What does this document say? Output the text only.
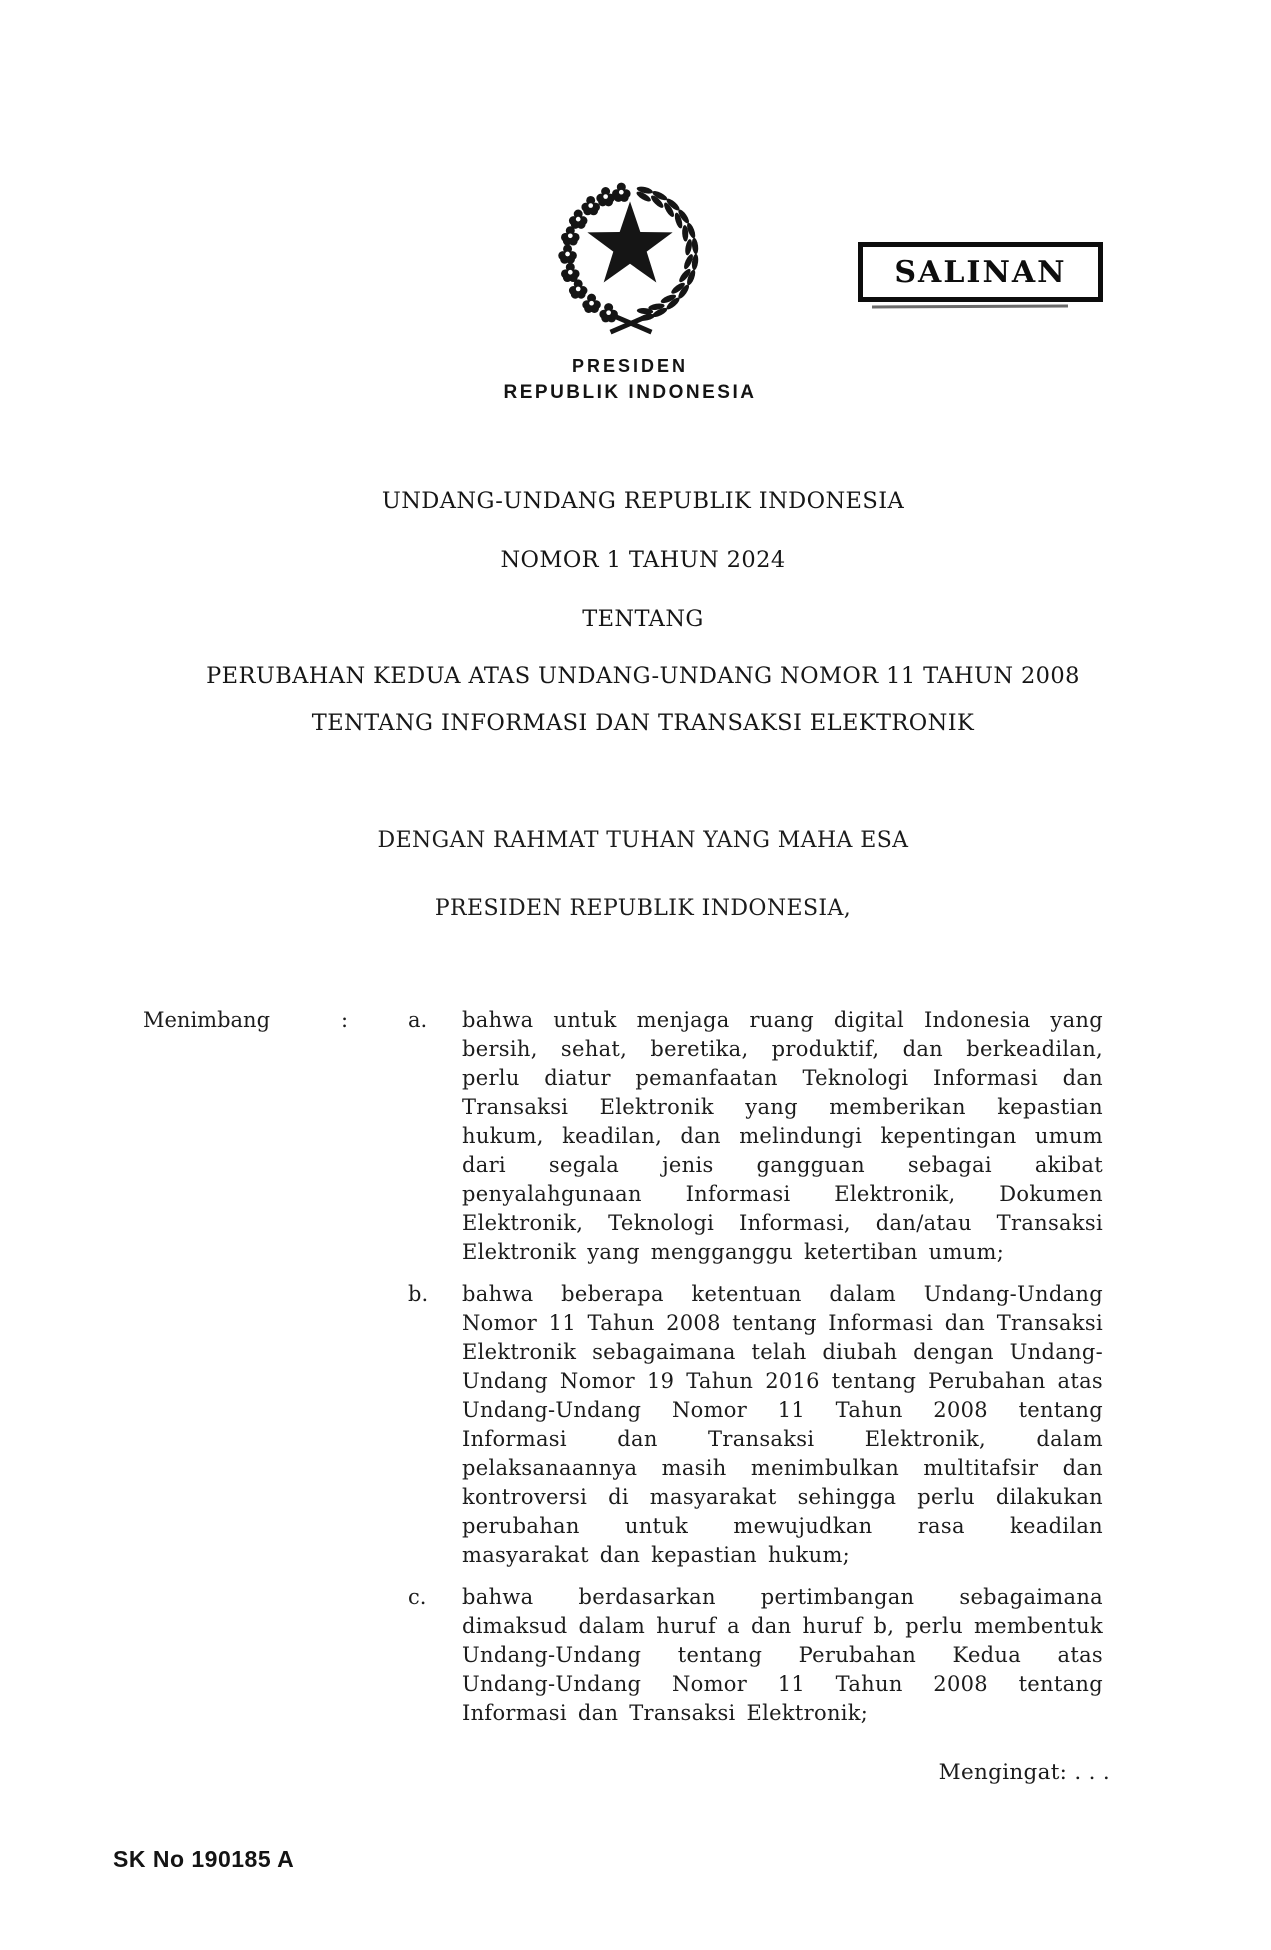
PRESIDEN
REPUBLIK INDONESIA
SALINAN
UNDANG-UNDANG REPUBLIK INDONESIA
NOMOR 1 TAHUN 2024
TENTANG
PERUBAHAN KEDUA ATAS UNDANG-UNDANG NOMOR 11 TAHUN 2008
TENTANG INFORMASI DAN TRANSAKSI ELEKTRONIK
DENGAN RAHMAT TUHAN YANG MAHA ESA
PRESIDEN REPUBLIK INDONESIA,
Menimbang	:	a.	bahwa untuk menjaga ruang digital Indonesia yang bersih, sehat, beretika, produktif, dan berkeadilan, perlu diatur pemanfaatan Teknologi Informasi dan Transaksi Elektronik yang memberikan kepastian hukum, keadilan, dan melindungi kepentingan umum dari segala jenis gangguan sebagai akibat penyalahgunaan Informasi Elektronik, Dokumen Elektronik, Teknologi Informasi, dan/atau Transaksi Elektronik yang mengganggu ketertiban umum;
b.	bahwa beberapa ketentuan dalam Undang-Undang Nomor 11 Tahun 2008 tentang Informasi dan Transaksi Elektronik sebagaimana telah diubah dengan Undang-Undang Nomor 19 Tahun 2016 tentang Perubahan atas Undang-Undang Nomor 11 Tahun 2008 tentang Informasi dan Transaksi Elektronik, dalam pelaksanaannya masih menimbulkan multitafsir dan kontroversi di masyarakat sehingga perlu dilakukan perubahan untuk mewujudkan rasa keadilan masyarakat dan kepastian hukum;
c.	bahwa berdasarkan pertimbangan sebagaimana dimaksud dalam huruf a dan huruf b, perlu membentuk Undang-Undang tentang Perubahan Kedua atas Undang-Undang Nomor 11 Tahun 2008 tentang Informasi dan Transaksi Elektronik;
Mengingat: . . .
SK No 190185 A
